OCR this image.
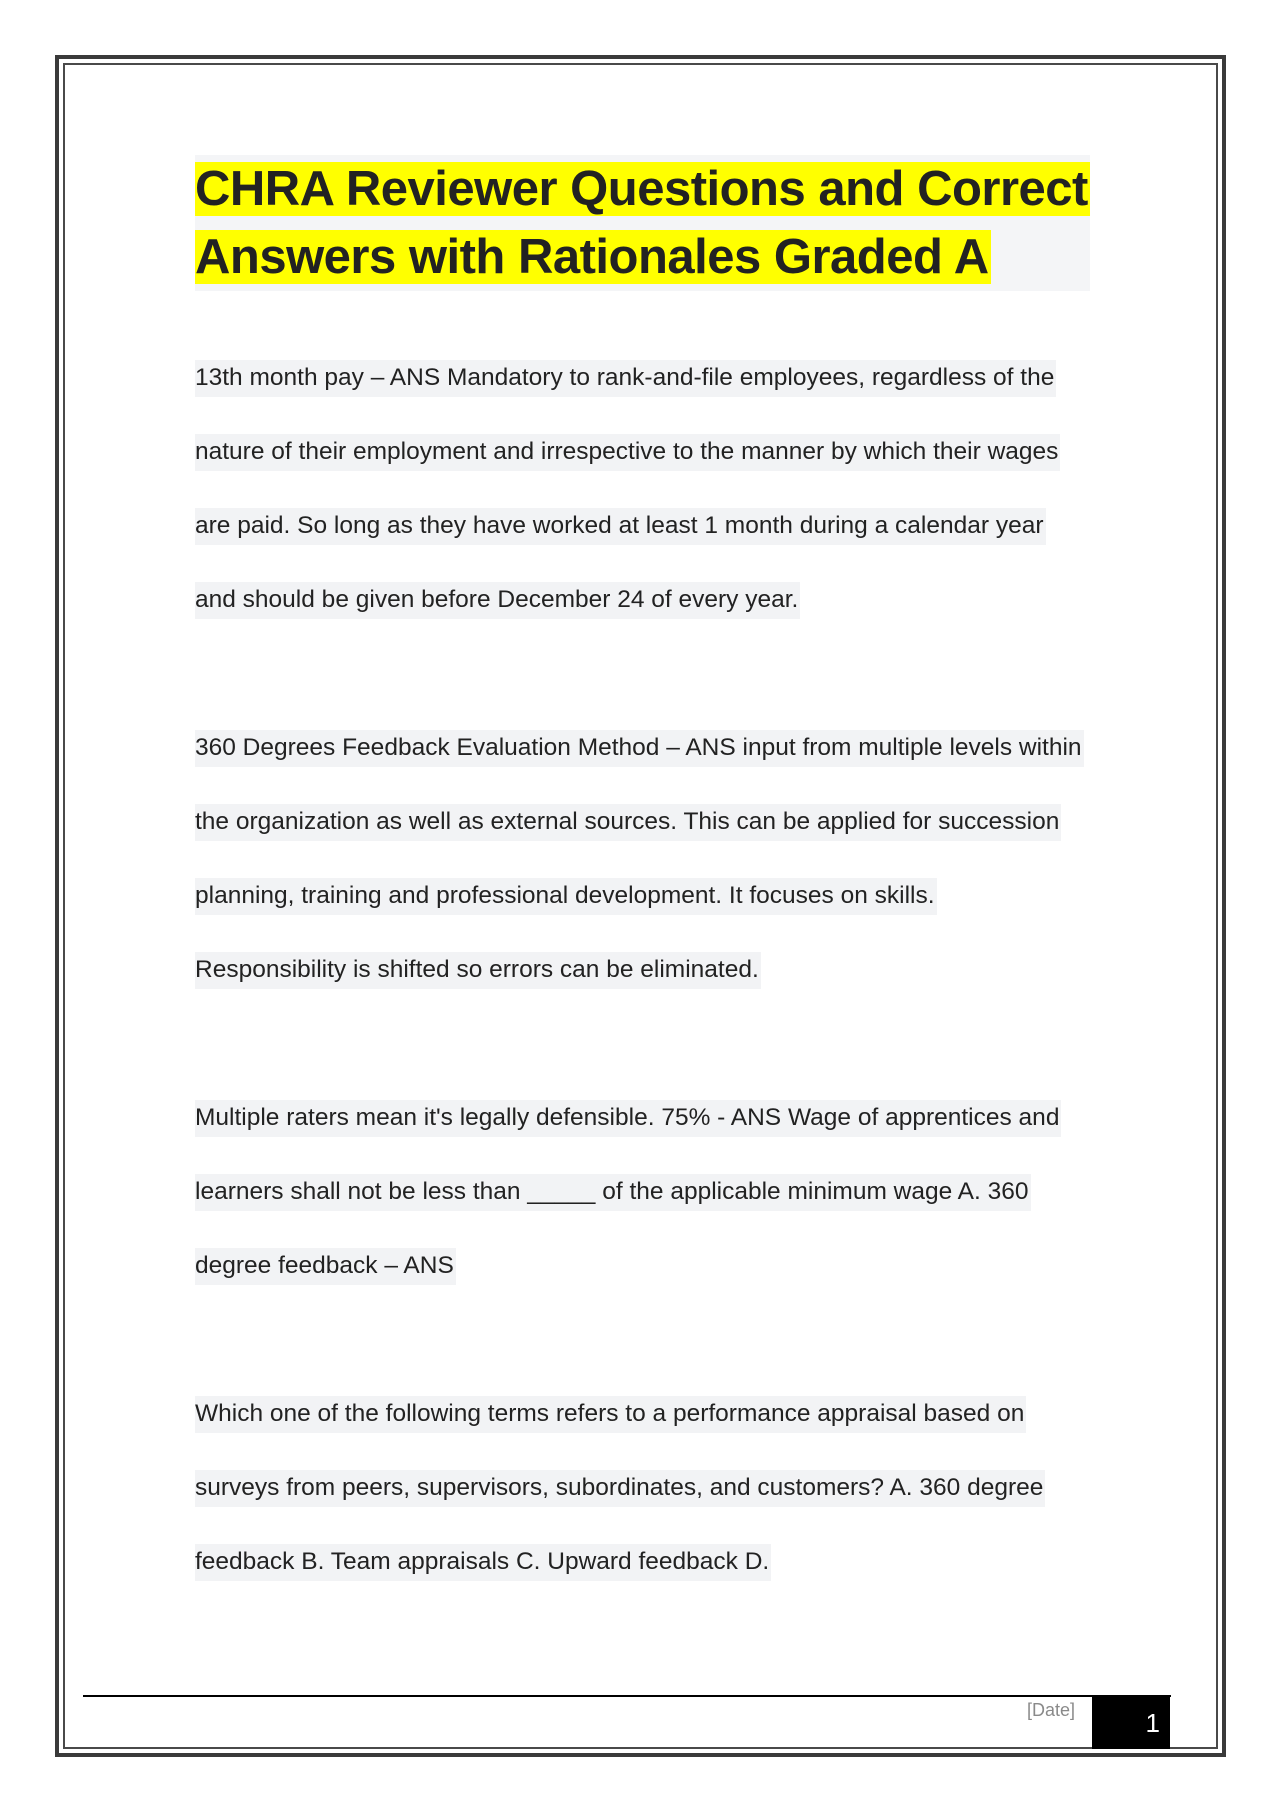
CHRA Reviewer Questions and Correct Answers with Rationales Graded A

13th month pay – ANS Mandatory to rank-and-file employees, regardless of the nature of their employment and irrespective to the manner by which their wages are paid. So long as they have worked at least 1 month during a calendar year and should be given before December 24 of every year.

360 Degrees Feedback Evaluation Method – ANS input from multiple levels within the organization as well as external sources. This can be applied for succession planning, training and professional development. It focuses on skills. Responsibility is shifted so errors can be eliminated.

Multiple raters mean it's legally defensible. 75% - ANS Wage of apprentices and learners shall not be less than _____ of the applicable minimum wage A. 360 degree feedback – ANS

Which one of the following terms refers to a performance appraisal based on surveys from peers, supervisors, subordinates, and customers? A. 360 degree feedback B. Team appraisals C. Upward feedback D.

[Date]	1
